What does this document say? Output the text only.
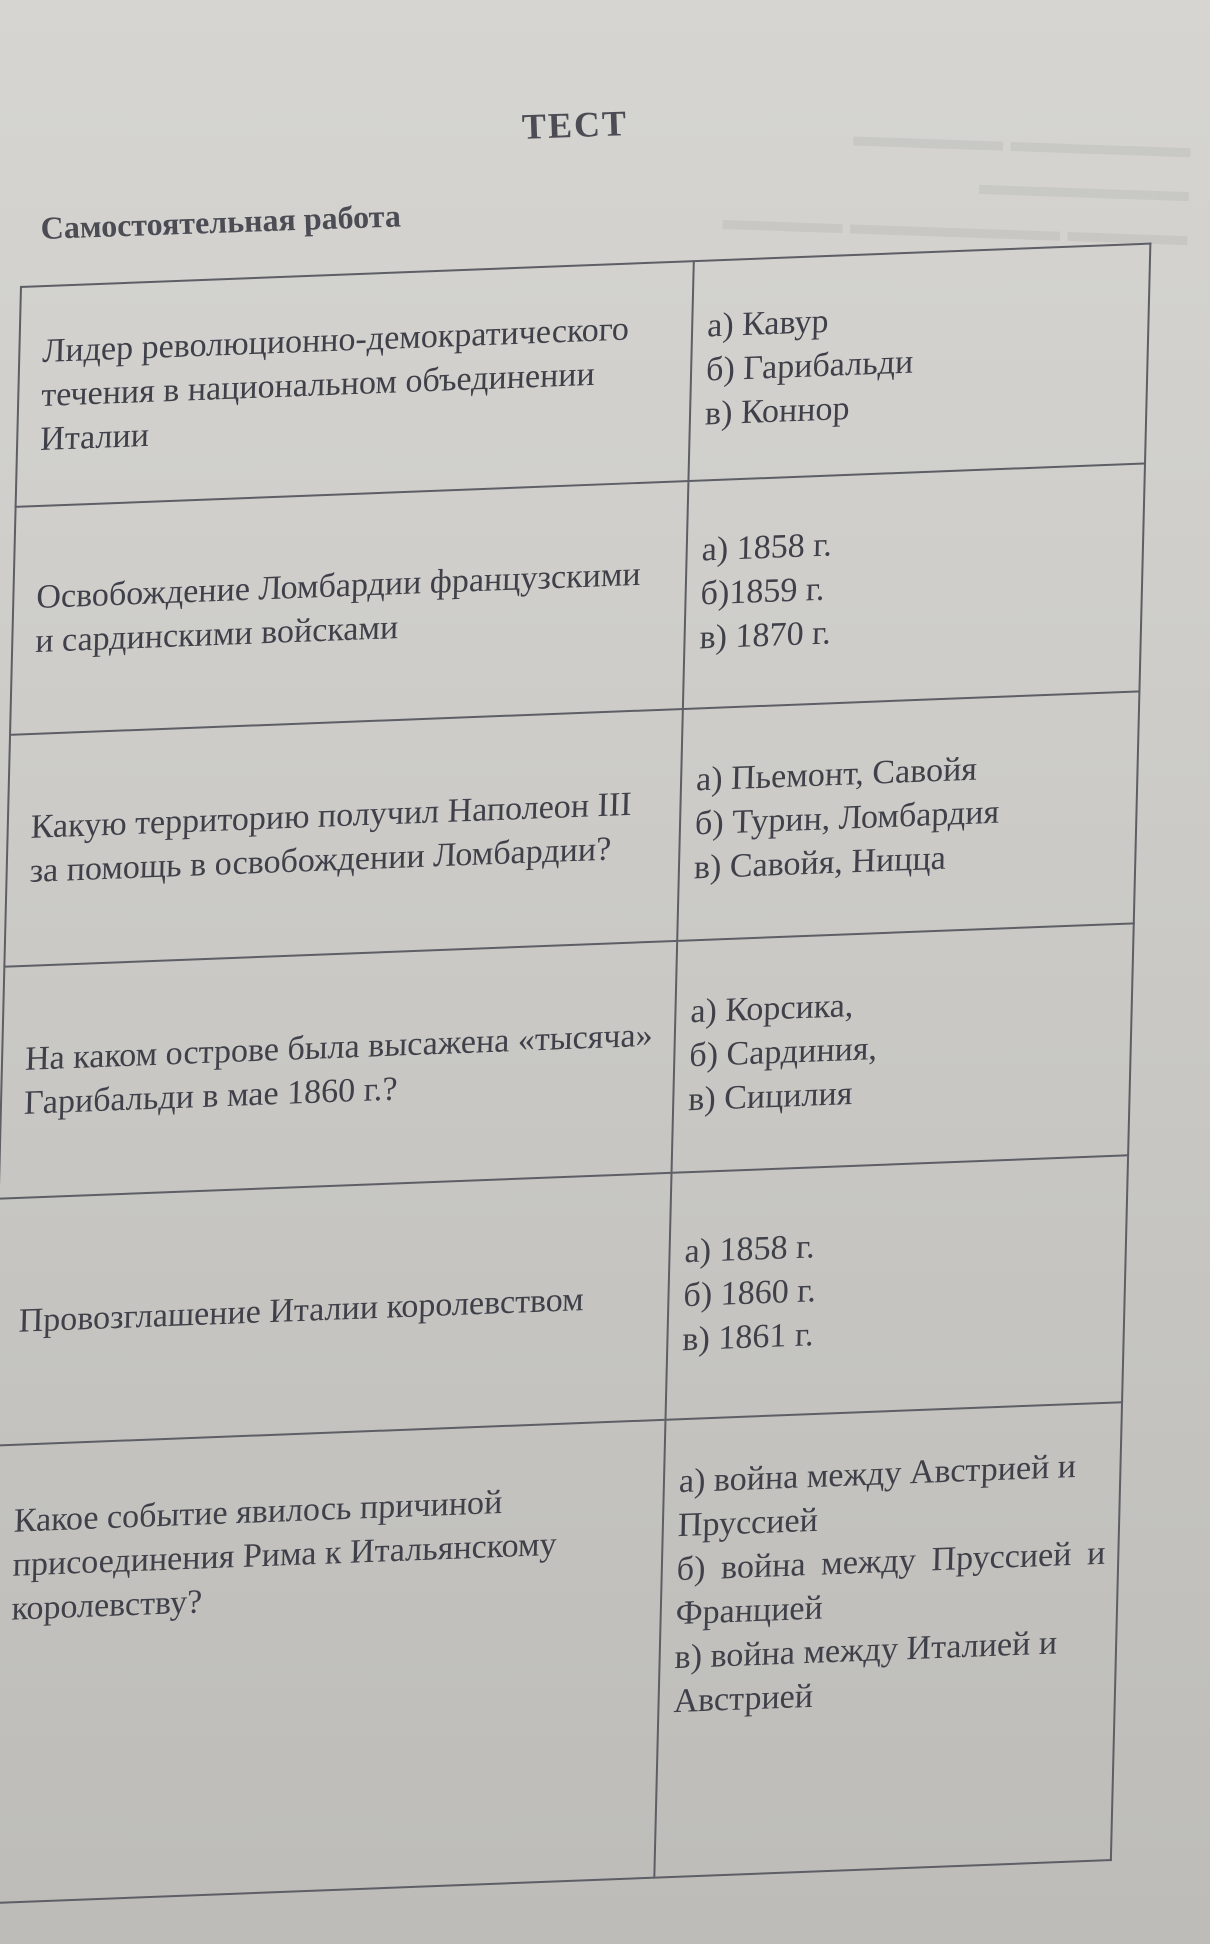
▬▬▬▬▬▬ ▬▬▬▬▬ ▬▬▬▬▬▬▬
▬▬▬▬ ▬▬▬▬▬▬▬ ▬▬▬▬
ТЕСТ
Самостоятельная работа
Лидер революционно-демократического течения в национальном объединении Италии	а) Кавур
б) Гарибальди
в) Коннор

Освобождение Ломбардии французскими и сардинскими войсками	а) 1858 г.
б)1859 г.
в) 1870 г.

Какую территорию получил Наполеон III за помощь в освобождении Ломбардии?	а) Пьемонт, Савойя
б) Турин, Ломбардия
в) Савойя, Ницца

На каком острове была высажена «тысяча» Гарибальди в мае 1860 г.?	а) Корсика,
б) Сардиния,
в) Сицилия

Провозглашение Италии королевством	а) 1858 г.
б) 1860 г.
в) 1861 г.

Какое событие явилось причиной присоединения Рима к Итальянскому королевству?	а) война между Австрией и Пруссией
б) война между Пруссией и Францией
в) война между Италией и Австрией
